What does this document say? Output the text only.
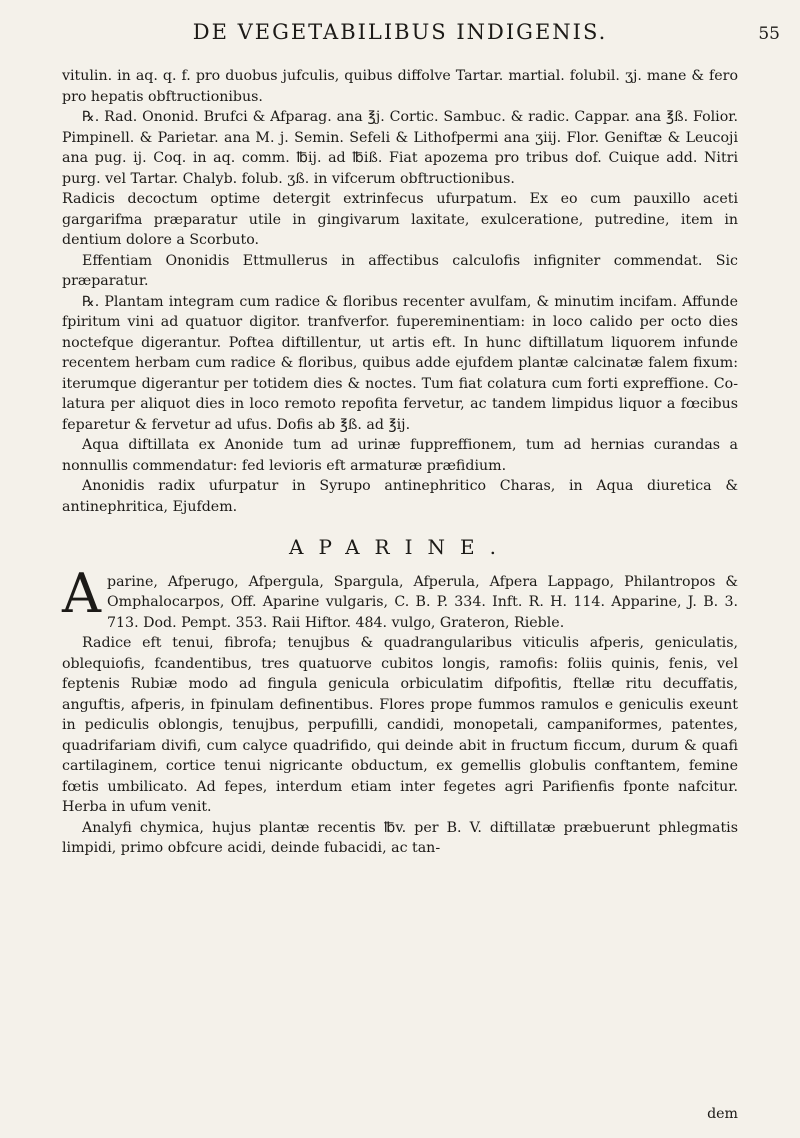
DE VEGETABILIBUS INDIGENIS.	55

vitulin. in aq. q. f. pro duobus jufculis, quibus diffolve Tartar. martial. folubil. ʒj. mane & fero pro hepatis obftructionibus.

℞. Rad. Ononid. Brufci & Afparag. ana ℥j. Cortic. Sambuc. & radic. Cappar. ana ℥ß. Folior. Pimpinell. & Parietar. ana M. j. Semin. Sefeli & Lithofpermi ana ʒiij. Flor. Geniftæ & Leucoji ana pug. ij. Coq. in aq. comm. ℔ij. ad ℔iß. Fiat apozema pro tribus dof. Cuique add. Nitri purg. vel Tartar. Chalyb. folub. ʒß. in vifcerum obftructionibus.

Radicis decoctum optime detergit extrinfecus ufurpatum. Ex eo cum pauxillo aceti gargarifma præparatur utile in gingivarum laxitate, exulceratione, putredine, item in dentium dolore a Scorbuto.

Effentiam Ononidis Ettmullerus in affectibus calculofis infigniter commendat. Sic præparatur.

℞. Plantam integram cum radice & floribus recenter avulfam, & minutim incifam. Affunde fpiritum vini ad quatuor digitor. tranfverfor. fupereminentiam: in loco calido per octo dies noctefque digerantur. Poftea diftillentur, ut artis eft. In hunc diftillatum liquorem infunde recentem herbam cum radice & floribus, quibus adde ejufdem plantæ calcinatæ falem fixum: iterumque digerantur per totidem dies & noctes. Tum fiat colatura cum forti expreffione. Colatura per aliquot dies in loco remoto repofita fervetur, ac tandem limpidus liquor a fœcibus feparetur & fervetur ad ufus. Dofis ab ℥ß. ad ℥ij.

Aqua diftillata ex Anonide tum ad urinæ fuppreffionem, tum ad hernias curandas a nonnullis commendatur: fed levioris eft armaturæ præfidium.

Anonidis radix ufurpatur in Syrupo antinephritico Charas, in Aqua diuretica & antinephritica, Ejufdem.

APARINE.

Aparine, Afperugo, Afpergula, Spargula, Afperula, Afpera Lappago, Philantropos & Omphalocarpos, Off. Aparine vulgaris, C. B. P. 334. Inft. R. H. 114. Apparine, J. B. 3. 713. Dod. Pempt. 353. Raii Hiftor. 484. vulgo, Grateron, Rieble.

Radice eft tenui, fibrofa; tenujbus & quadrangularibus viticulis afperis, geniculatis, oblequiofis, fcandentibus, tres quatuorve cubitos longis, ramofis: foliis quinis, fenis, vel feptenis Rubiæ modo ad fingula genicula orbiculatim difpofitis, ftellæ ritu decuffatis, anguftis, afperis, in fpinulam definentibus. Flores prope fummos ramulos e geniculis exeunt in pediculis oblongis, tenujbus, perpufilli, candidi, monopetali, campaniformes, patentes, quadrifariam divifi, cum calyce quadrifido, qui deinde abit in fructum ficcum, durum & quafi cartilaginem, cortice tenui nigricante obductum, ex gemellis globulis conftantem, femine fœtis umbilicato. Ad fepes, interdum etiam inter fegetes agri Parifienfis fponte nafcitur. Herba in ufum venit.

Analyfi chymica, hujus plantæ recentis ℔v. per B. V. diftillatæ præbuerunt phlegmatis limpidi, primo obfcure acidi, deinde fubacidi, ac tan-

dem
